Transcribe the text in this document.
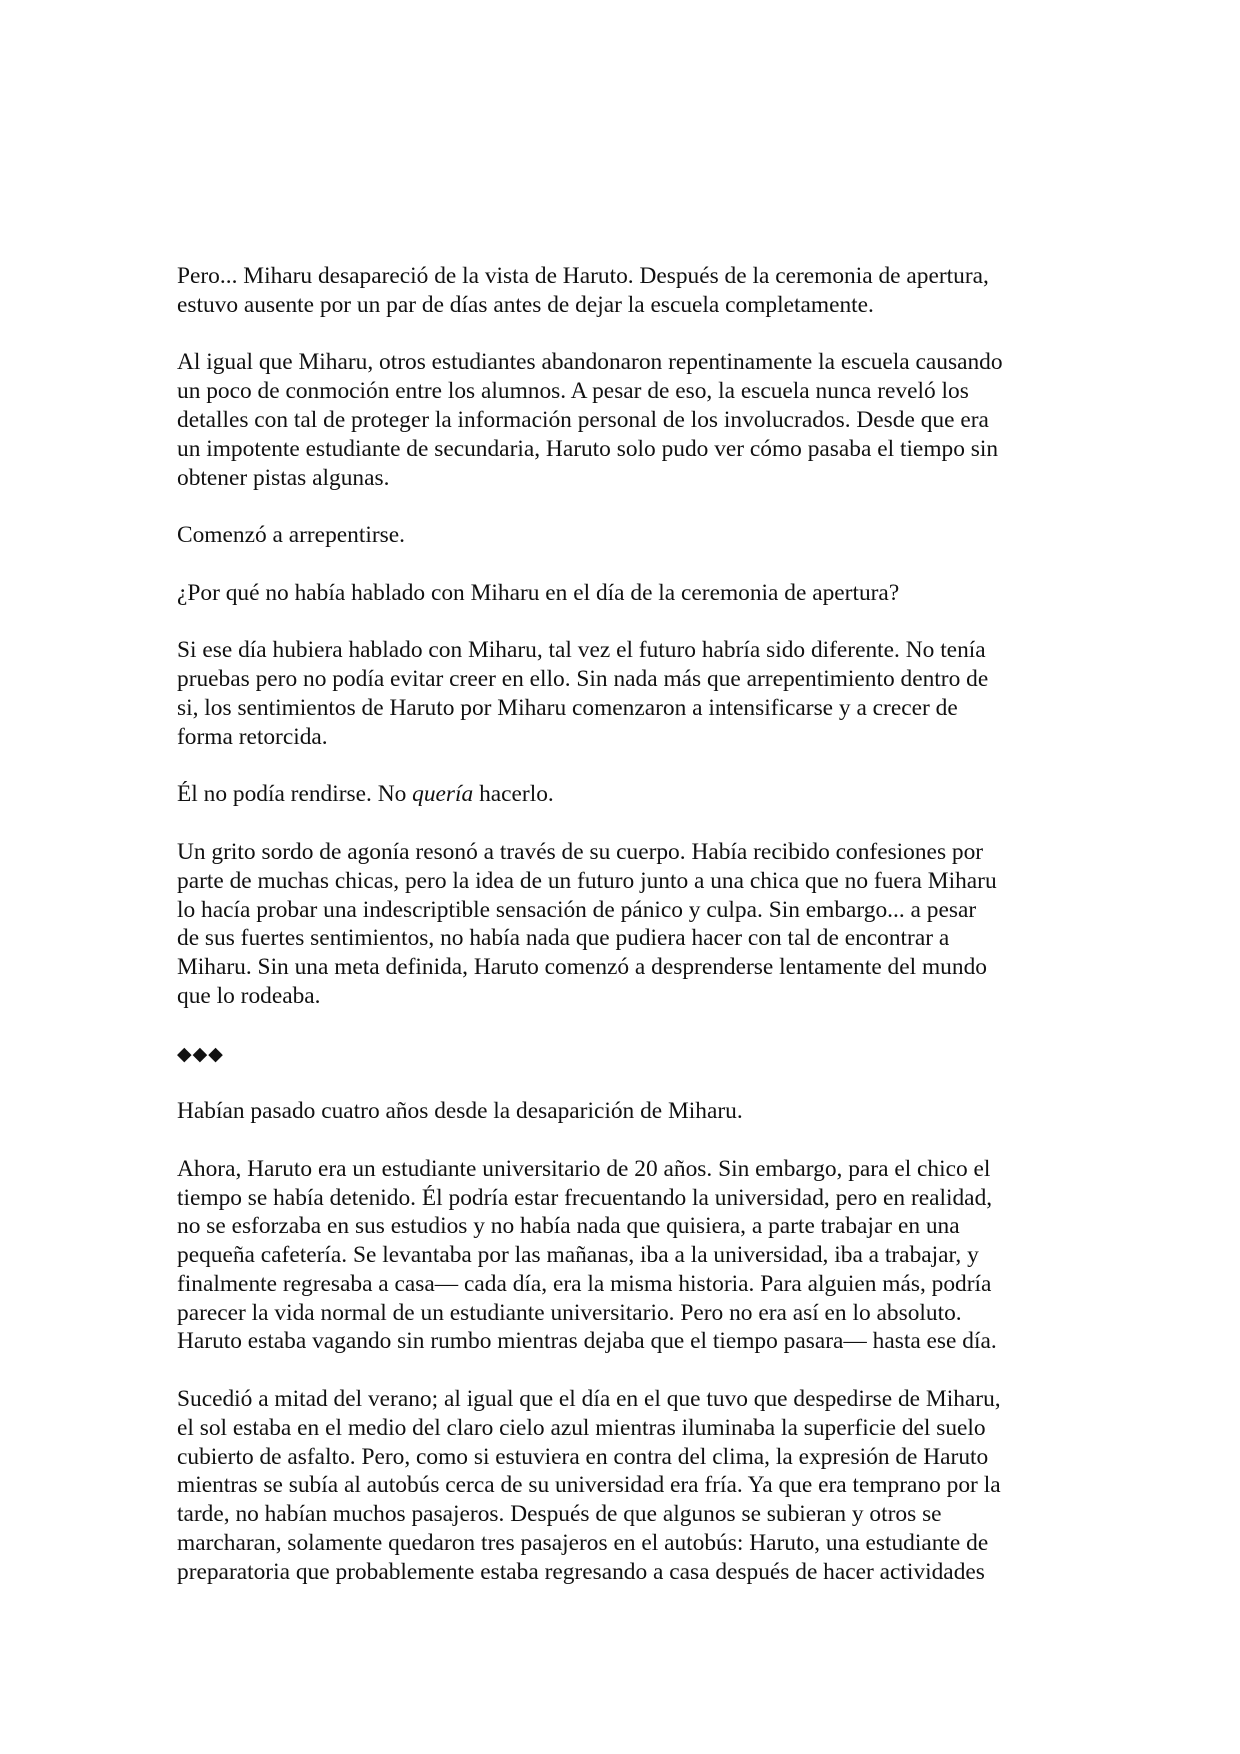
Pero... Miharu desapareció de la vista de Haruto. Después de la ceremonia de apertura,
estuvo ausente por un par de días antes de dejar la escuela completamente.

Al igual que Miharu, otros estudiantes abandonaron repentinamente la escuela causando
un poco de conmoción entre los alumnos. A pesar de eso, la escuela nunca reveló los
detalles con tal de proteger la información personal de los involucrados. Desde que era
un impotente estudiante de secundaria, Haruto solo pudo ver cómo pasaba el tiempo sin
obtener pistas algunas.

Comenzó a arrepentirse.

¿Por qué no había hablado con Miharu en el día de la ceremonia de apertura?

Si ese día hubiera hablado con Miharu, tal vez el futuro habría sido diferente. No tenía
pruebas pero no podía evitar creer en ello. Sin nada más que arrepentimiento dentro de
si, los sentimientos de Haruto por Miharu comenzaron a intensificarse y a crecer de
forma retorcida.

Él no podía rendirse. No quería hacerlo.

Un grito sordo de agonía resonó a través de su cuerpo. Había recibido confesiones por
parte de muchas chicas, pero la idea de un futuro junto a una chica que no fuera Miharu
lo hacía probar una indescriptible sensación de pánico y culpa. Sin embargo... a pesar
de sus fuertes sentimientos, no había nada que pudiera hacer con tal de encontrar a
Miharu. Sin una meta definida, Haruto comenzó a desprenderse lentamente del mundo
que lo rodeaba.

◆◆◆

Habían pasado cuatro años desde la desaparición de Miharu.

Ahora, Haruto era un estudiante universitario de 20 años. Sin embargo, para el chico el
tiempo se había detenido. Él podría estar frecuentando la universidad, pero en realidad,
no se esforzaba en sus estudios y no había nada que quisiera, a parte trabajar en una
pequeña cafetería. Se levantaba por las mañanas, iba a la universidad, iba a trabajar, y
finalmente regresaba a casa— cada día, era la misma historia. Para alguien más, podría
parecer la vida normal de un estudiante universitario. Pero no era así en lo absoluto.
Haruto estaba vagando sin rumbo mientras dejaba que el tiempo pasara— hasta ese día.

Sucedió a mitad del verano; al igual que el día en el que tuvo que despedirse de Miharu,
el sol estaba en el medio del claro cielo azul mientras iluminaba la superficie del suelo
cubierto de asfalto. Pero, como si estuviera en contra del clima, la expresión de Haruto
mientras se subía al autobús cerca de su universidad era fría. Ya que era temprano por la
tarde, no habían muchos pasajeros. Después de que algunos se subieran y otros se
marcharan, solamente quedaron tres pasajeros en el autobús: Haruto, una estudiante de
preparatoria que probablemente estaba regresando a casa después de hacer actividades
